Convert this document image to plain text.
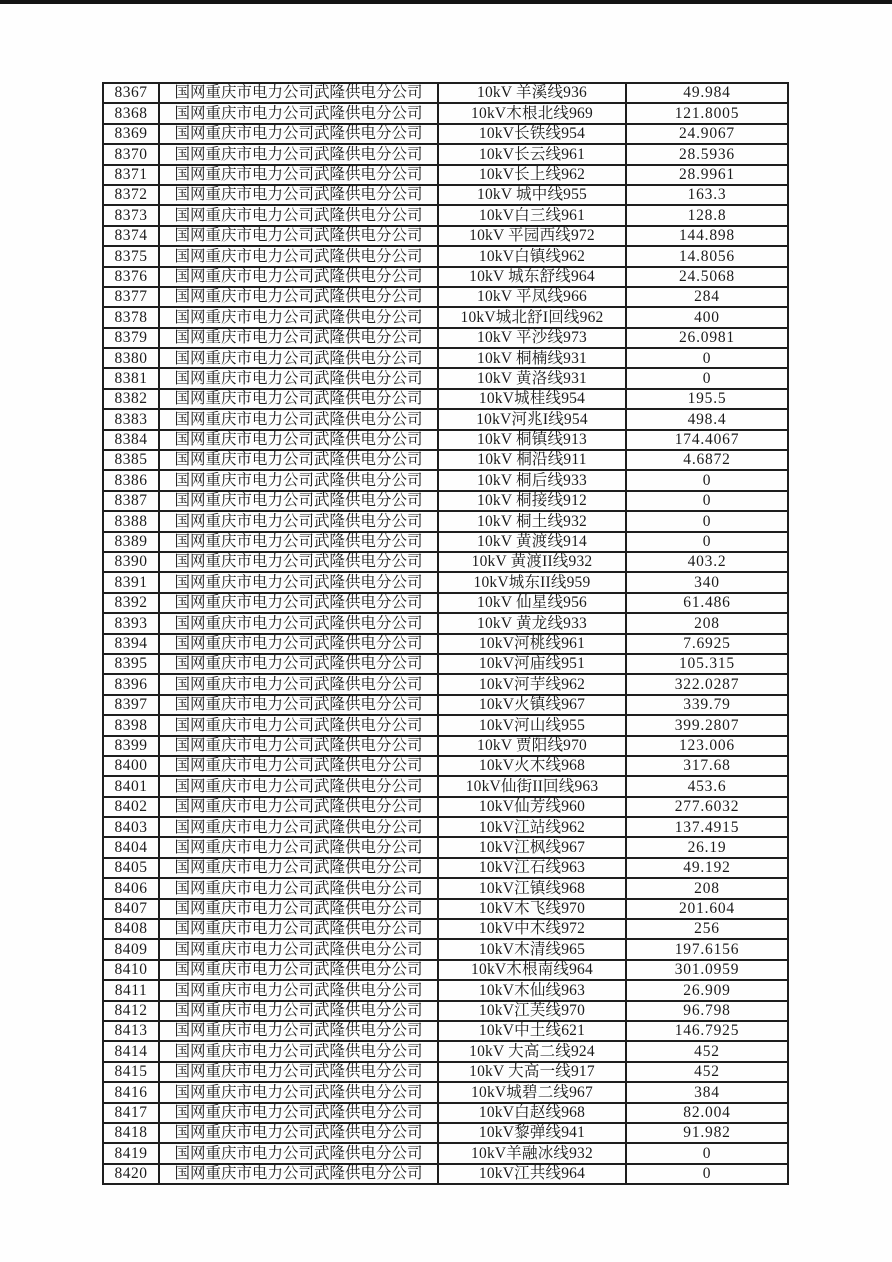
8367	国网重庆市电力公司武隆供电分公司	10kV 羊溪线936	49.984
8368	国网重庆市电力公司武隆供电分公司	10kV木根北线969	121.8005
8369	国网重庆市电力公司武隆供电分公司	10kV长铁线954	24.9067
8370	国网重庆市电力公司武隆供电分公司	10kV长云线961	28.5936
8371	国网重庆市电力公司武隆供电分公司	10kV长上线962	28.9961
8372	国网重庆市电力公司武隆供电分公司	10kV 城中线955	163.3
8373	国网重庆市电力公司武隆供电分公司	10kV白三线961	128.8
8374	国网重庆市电力公司武隆供电分公司	10kV 平园西线972	144.898
8375	国网重庆市电力公司武隆供电分公司	10kV白镇线962	14.8056
8376	国网重庆市电力公司武隆供电分公司	10kV 城东舒线964	24.5068
8377	国网重庆市电力公司武隆供电分公司	10kV 平凤线966	284
8378	国网重庆市电力公司武隆供电分公司	10kV城北舒I回线962	400
8379	国网重庆市电力公司武隆供电分公司	10kV 平沙线973	26.0981
8380	国网重庆市电力公司武隆供电分公司	10kV 桐楠线931	0
8381	国网重庆市电力公司武隆供电分公司	10kV 黄洛线931	0
8382	国网重庆市电力公司武隆供电分公司	10kV城桂线954	195.5
8383	国网重庆市电力公司武隆供电分公司	10kV河兆I线954	498.4
8384	国网重庆市电力公司武隆供电分公司	10kV 桐镇线913	174.4067
8385	国网重庆市电力公司武隆供电分公司	10kV 桐沿线911	4.6872
8386	国网重庆市电力公司武隆供电分公司	10kV 桐后线933	0
8387	国网重庆市电力公司武隆供电分公司	10kV 桐接线912	0
8388	国网重庆市电力公司武隆供电分公司	10kV 桐土线932	0
8389	国网重庆市电力公司武隆供电分公司	10kV 黄渡线914	0
8390	国网重庆市电力公司武隆供电分公司	10kV 黄渡II线932	403.2
8391	国网重庆市电力公司武隆供电分公司	10kV城东II线959	340
8392	国网重庆市电力公司武隆供电分公司	10kV 仙星线956	61.486
8393	国网重庆市电力公司武隆供电分公司	10kV 黄龙线933	208
8394	国网重庆市电力公司武隆供电分公司	10kV河桃线961	7.6925
8395	国网重庆市电力公司武隆供电分公司	10kV河庙线951	105.315
8396	国网重庆市电力公司武隆供电分公司	10kV河芋线962	322.0287
8397	国网重庆市电力公司武隆供电分公司	10kV火镇线967	339.79
8398	国网重庆市电力公司武隆供电分公司	10kV河山线955	399.2807
8399	国网重庆市电力公司武隆供电分公司	10kV 贾阳线970	123.006
8400	国网重庆市电力公司武隆供电分公司	10kV火木线968	317.68
8401	国网重庆市电力公司武隆供电分公司	10kV仙街II回线963	453.6
8402	国网重庆市电力公司武隆供电分公司	10kV仙芳线960	277.6032
8403	国网重庆市电力公司武隆供电分公司	10kV江站线962	137.4915
8404	国网重庆市电力公司武隆供电分公司	10kV江枫线967	26.19
8405	国网重庆市电力公司武隆供电分公司	10kV江石线963	49.192
8406	国网重庆市电力公司武隆供电分公司	10kV江镇线968	208
8407	国网重庆市电力公司武隆供电分公司	10kV木飞线970	201.604
8408	国网重庆市电力公司武隆供电分公司	10kV中木线972	256
8409	国网重庆市电力公司武隆供电分公司	10kV木清线965	197.6156
8410	国网重庆市电力公司武隆供电分公司	10kV木根南线964	301.0959
8411	国网重庆市电力公司武隆供电分公司	10kV木仙线963	26.909
8412	国网重庆市电力公司武隆供电分公司	10kV江芙线970	96.798
8413	国网重庆市电力公司武隆供电分公司	10kV中土线621	146.7925
8414	国网重庆市电力公司武隆供电分公司	10kV 大高二线924	452
8415	国网重庆市电力公司武隆供电分公司	10kV 大高一线917	452
8416	国网重庆市电力公司武隆供电分公司	10kV城碧二线967	384
8417	国网重庆市电力公司武隆供电分公司	10kV白赵线968	82.004
8418	国网重庆市电力公司武隆供电分公司	10kV黎弹线941	91.982
8419	国网重庆市电力公司武隆供电分公司	10kV羊融冰线932	0
8420	国网重庆市电力公司武隆供电分公司	10kV江共线964	0
